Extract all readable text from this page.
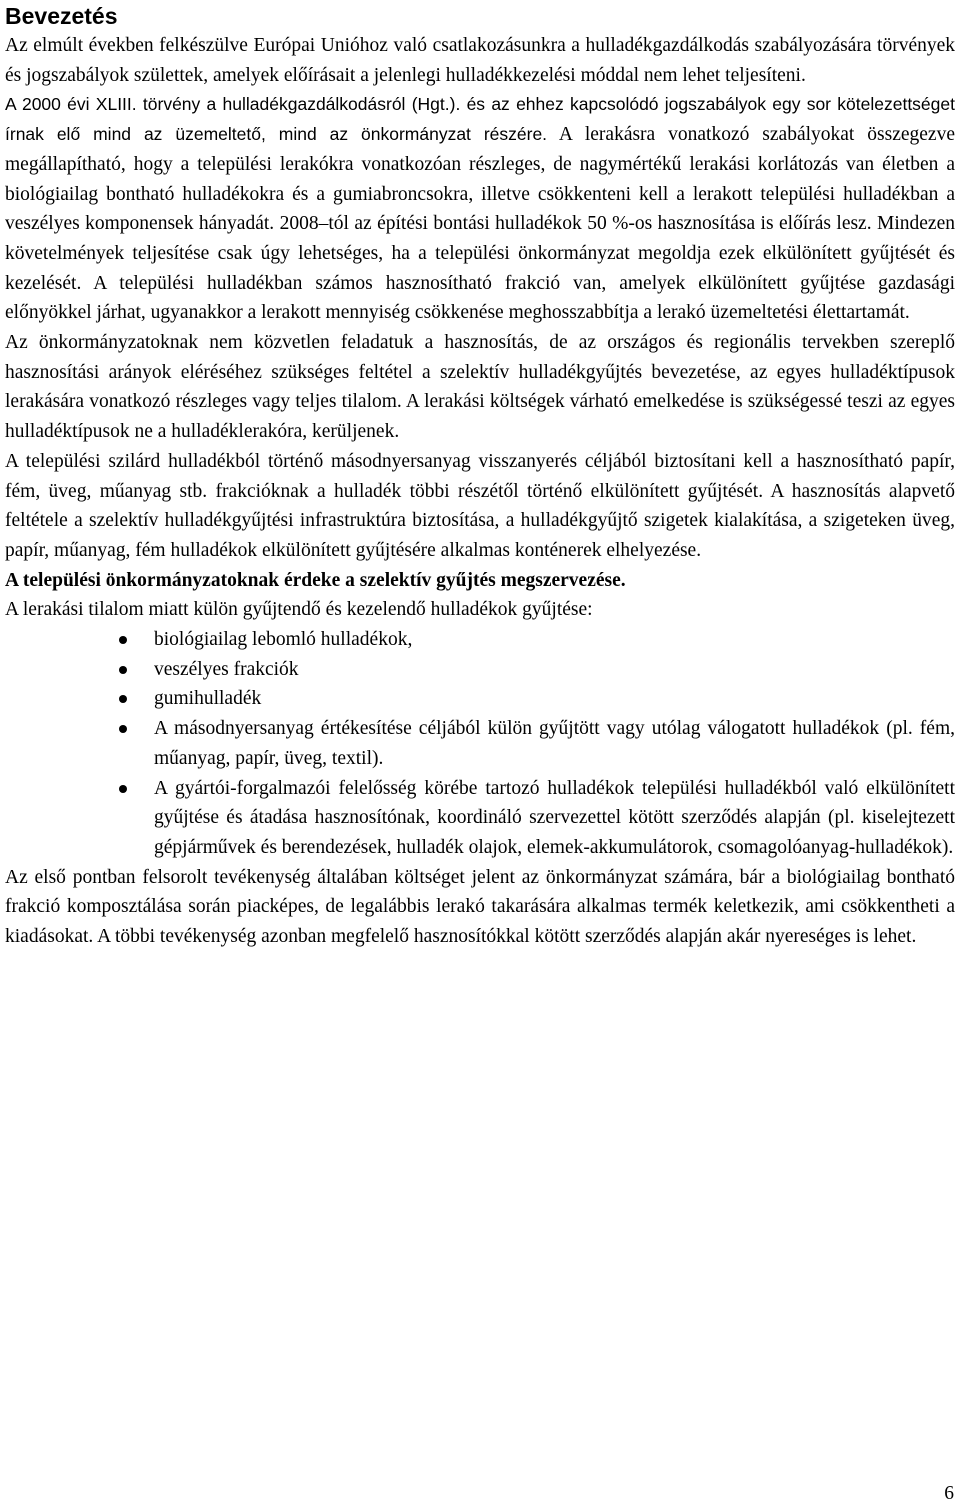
Bevezetés

Az elmúlt években felkészülve Európai Unióhoz való csatlakozásunkra a hulladékgazdálkodás szabályozására törvények és jogszabályok születtek, amelyek előírásait a jelenlegi hulladékkezelési móddal nem lehet teljesíteni.

A 2000 évi XLIII. törvény a hulladékgazdálkodásról (Hgt.). és az ehhez kapcsolódó jogszabályok egy sor kötelezettséget írnak elő mind az üzemeltető, mind az önkormányzat részére. A lerakásra vonatkozó szabályokat összegezve megállapítható, hogy a települési lerakókra vonatkozóan részleges, de nagymértékű lerakási korlátozás van életben a biológiailag bontható hulladékokra és a gumiabroncsokra, illetve csökkenteni kell a lerakott települési hulladékban a veszélyes komponensek hányadát. 2008–tól az építési bontási hulladékok 50 %-os hasznosítása is előírás lesz. Mindezen követelmények teljesítése csak úgy lehetséges, ha a települési önkormányzat megoldja ezek elkülönített gyűjtését és kezelését. A települési hulladékban számos hasznosítható frakció van, amelyek elkülönített gyűjtése gazdasági előnyökkel járhat, ugyanakkor a lerakott mennyiség csökkenése meghosszabbítja a lerakó üzemeltetési élettartamát.

Az önkormányzatoknak nem közvetlen feladatuk a hasznosítás, de az országos és regionális tervekben szereplő hasznosítási arányok eléréséhez szükséges feltétel a szelektív hulladékgyűjtés bevezetése, az egyes hulladéktípusok lerakására vonatkozó részleges vagy teljes tilalom. A lerakási költségek várható emelkedése is szükségessé teszi az egyes hulladéktípusok ne a hulladéklerakóra, kerüljenek.

A települési szilárd hulladékból történő másodnyersanyag visszanyerés céljából biztosítani kell a hasznosítható papír, fém, üveg, műanyag stb. frakcióknak a hulladék többi részétől történő elkülönített gyűjtését. A hasznosítás alapvető feltétele a szelektív hulladékgyűjtési infrastruktúra biztosítása, a hulladékgyűjtő szigetek kialakítása, a szigeteken üveg, papír, műanyag, fém hulladékok elkülönített gyűjtésére alkalmas konténerek elhelyezése.

A települési önkormányzatoknak érdeke a szelektív gyűjtés megszervezése.

A lerakási tilalom miatt külön gyűjtendő és kezelendő hulladékok gyűjtése:

biológiailag lebomló hulladékok,
veszélyes frakciók
gumihulladék
A másodnyersanyag értékesítése céljából külön gyűjtött vagy utólag válogatott hulladékok (pl. fém, műanyag, papír, üveg, textil).
A gyártói-forgalmazói felelősség körébe tartozó hulladékok települési hulladékból való elkülönített gyűjtése és átadása hasznosítónak, koordináló szervezettel kötött szerződés alapján (pl. kiselejtezett gépjárművek és berendezések, hulladék olajok, elemek-akkumulátorok, csomagolóanyag-hulladékok).

Az első pontban felsorolt tevékenység általában költséget jelent az önkormányzat számára, bár a biológiailag bontható frakció komposztálása során piacképes, de legalábbis lerakó takarására alkalmas termék keletkezik, ami csökkentheti a kiadásokat. A többi tevékenység azonban megfelelő hasznosítókkal kötött szerződés alapján akár nyereséges is lehet.

6
